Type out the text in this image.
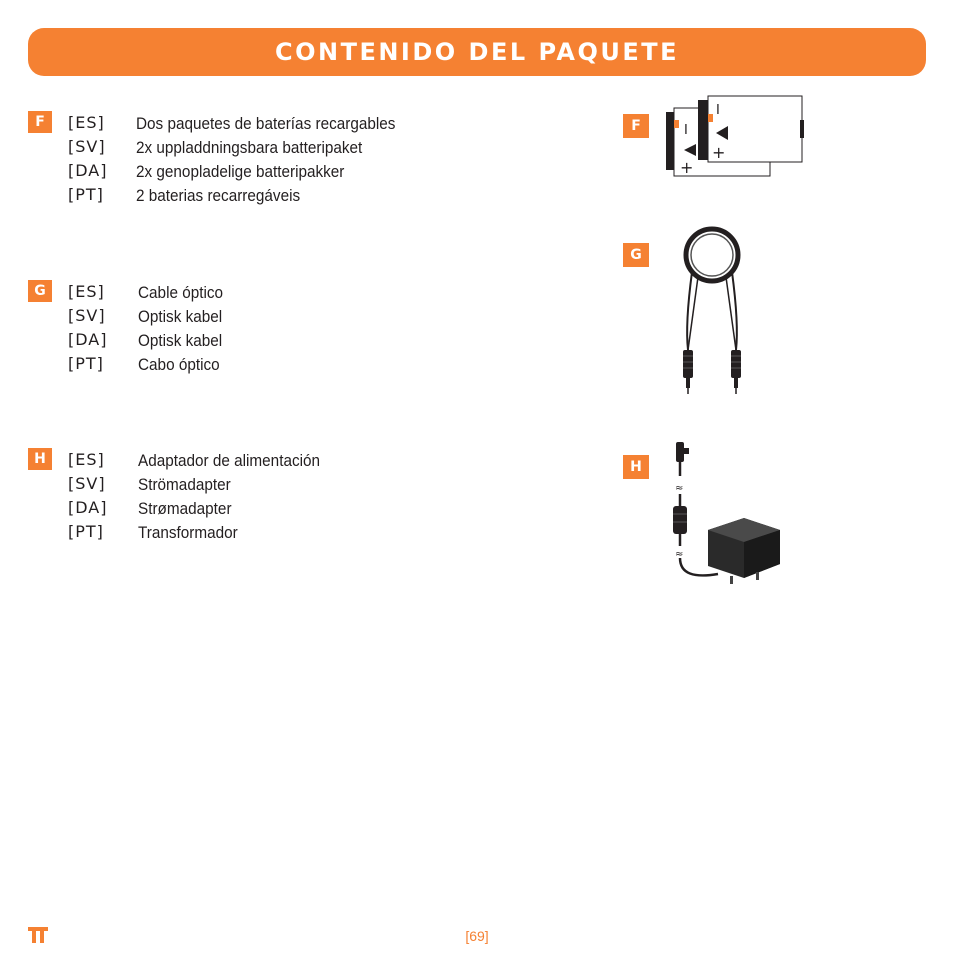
CONTENIDO DEL PAQUETE
F	[ES] Dos paquetes de baterías recargables
[SV] 2x uppladdningsbara batteripaket
[DA] 2x genopladelige batteripakker
[PT] 2 baterias recarregáveis
G	[ES] Cable óptico
[SV] Optisk kabel
[DA] Optisk kabel
[PT] Cabo óptico
H	[ES] Adaptador de alimentación
[SV] Strömadapter
[DA] Strømadapter
[PT] Transformador
F
G
H
I
+
I
+
≈
≈
[69]
